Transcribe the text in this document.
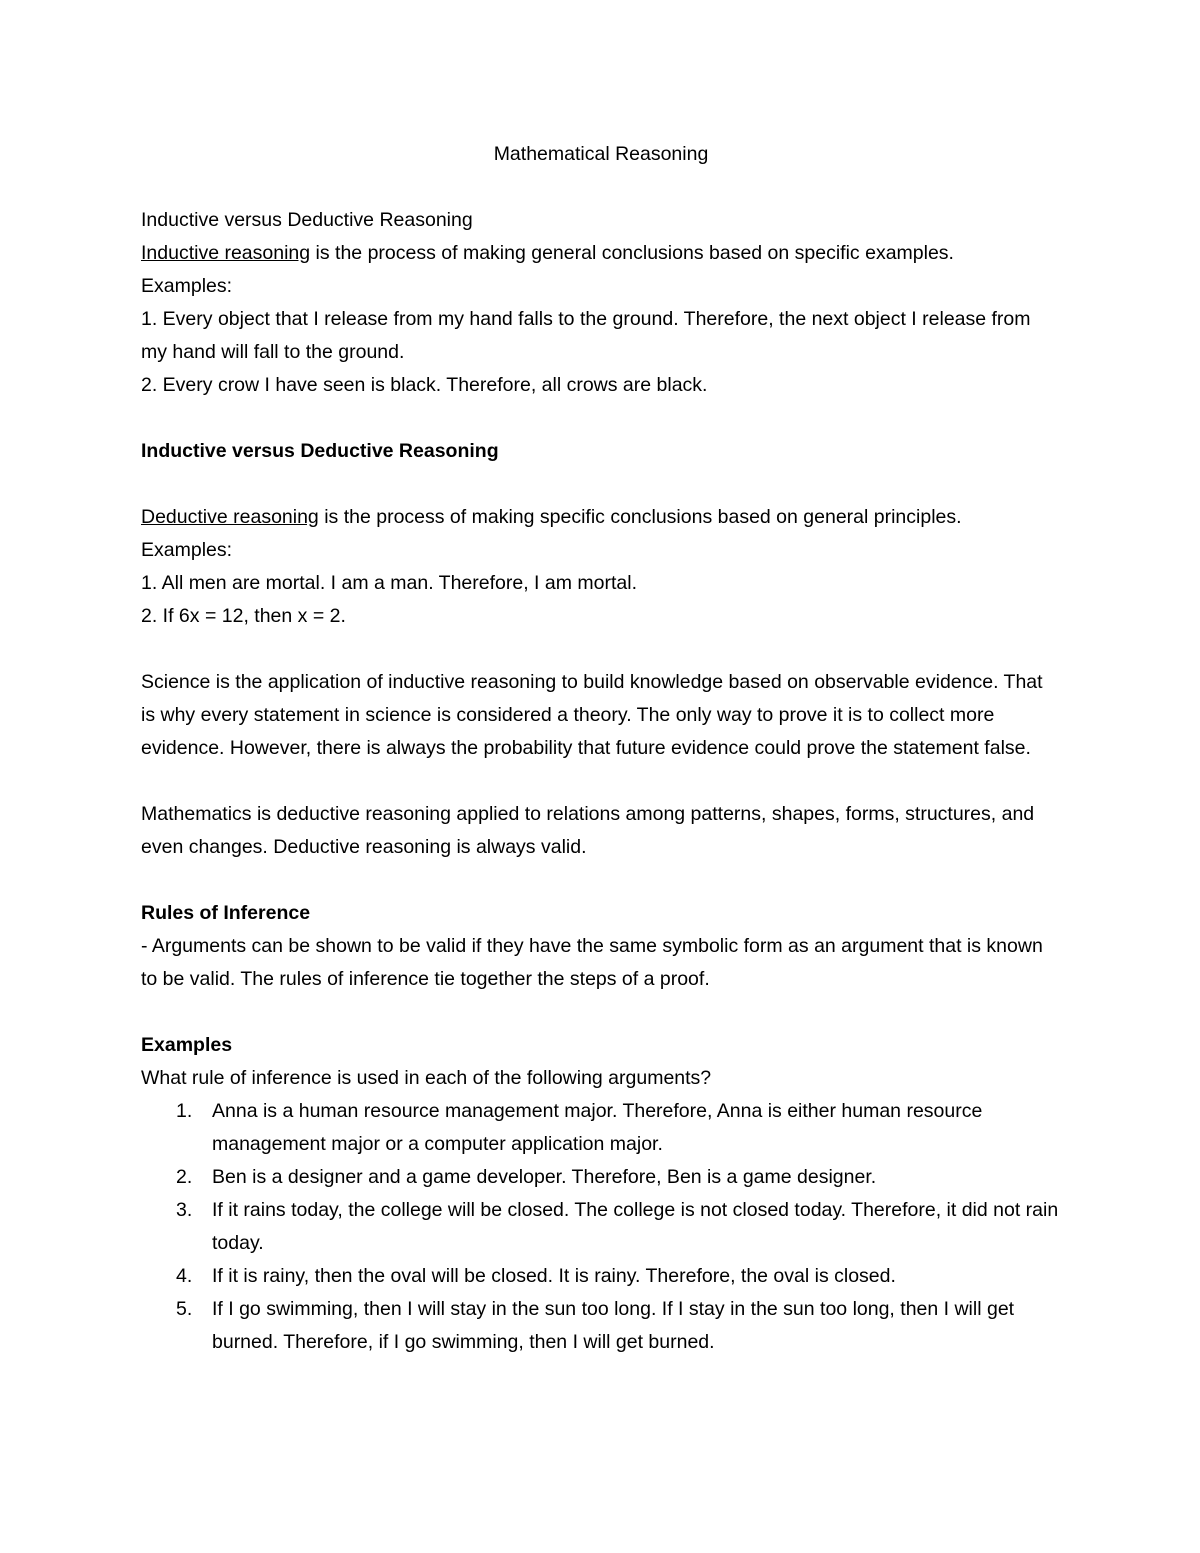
Mathematical Reasoning

Inductive versus Deductive Reasoning

Inductive reasoning is the process of making general conclusions based on specific examples.

Examples:

1. Every object that I release from my hand falls to the ground. Therefore, the next object I release from my hand will fall to the ground.

2. Every crow I have seen is black. Therefore, all crows are black.

Inductive versus Deductive Reasoning

Deductive reasoning is the process of making specific conclusions based on general principles.

Examples:

1. All men are mortal. I am a man. Therefore, I am mortal.

2. If 6x = 12, then x = 2.

Science is the application of inductive reasoning to build knowledge based on observable evidence. That is why every statement in science is considered a theory. The only way to prove it is to collect more evidence. However, there is always the probability that future evidence could prove the statement false.

Mathematics is deductive reasoning applied to relations among patterns, shapes, forms, structures, and even changes. Deductive reasoning is always valid.

Rules of Inference

- Arguments can be shown to be valid if they have the same symbolic form as an argument that is known to be valid. The rules of inference tie together the steps of a proof.

Examples

What rule of inference is used in each of the following arguments?

1. Anna is a human resource management major. Therefore, Anna is either human resource management major or a computer application major.
2. Ben is a designer and a game developer. Therefore, Ben is a game designer.
3. If it rains today, the college will be closed. The college is not closed today. Therefore, it did not rain today.
4. If it is rainy, then the oval will be closed. It is rainy. Therefore, the oval is closed.
5. If I go swimming, then I will stay in the sun too long. If I stay in the sun too long, then I will get burned. Therefore, if I go swimming, then I will get burned.
